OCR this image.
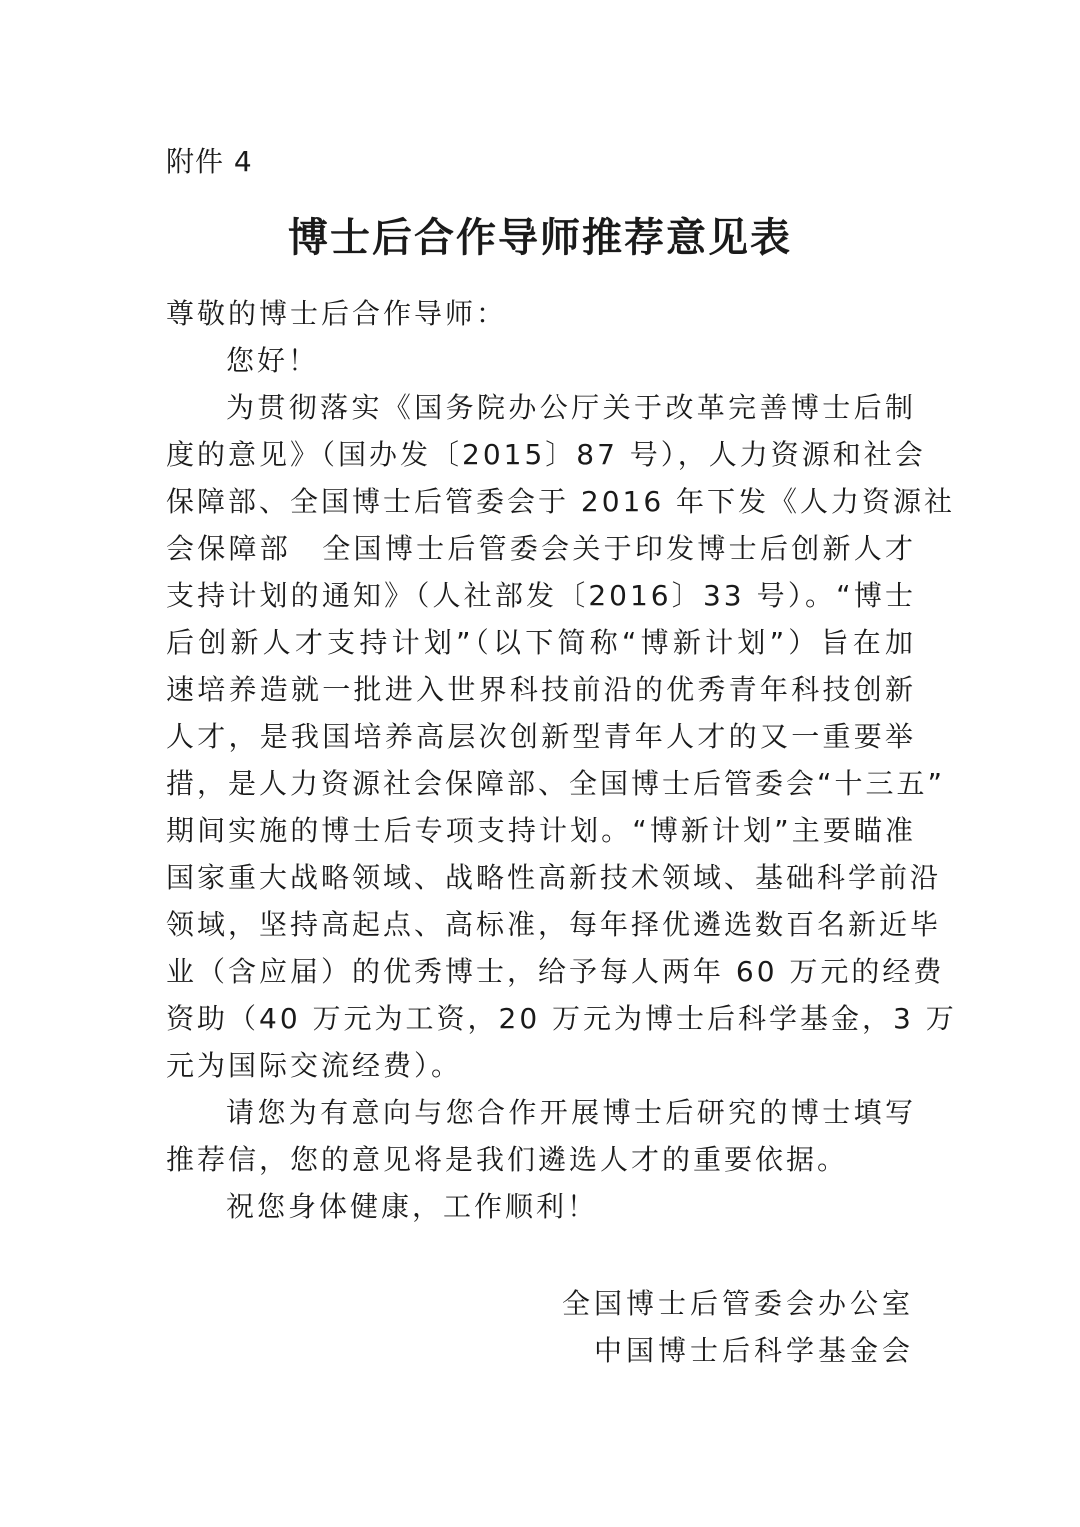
附件 4
博士后合作导师推荐意见表
尊敬的博士后合作导师：
您好！
为贯彻落实《国务院办公厅关于改革完善博士后制
度的意见》（国办发〔2015〕87 号），人力资源和社会
保障部、全国博士后管委会于 2016 年下发《人力资源社
会保障部　全国博士后管委会关于印发博士后创新人才
支持计划的通知》（人社部发〔2016〕33 号）。“博士
后创新人才支持计划”（以下简称“博新计划”）旨在加
速培养造就一批进入世界科技前沿的优秀青年科技创新
人才，是我国培养高层次创新型青年人才的又一重要举
措，是人力资源社会保障部、全国博士后管委会“十三五”
期间实施的博士后专项支持计划。“博新计划”主要瞄准
国家重大战略领域、战略性高新技术领域、基础科学前沿
领域，坚持高起点、高标准，每年择优遴选数百名新近毕
业（含应届）的优秀博士，给予每人两年 60 万元的经费
资助（40 万元为工资，20 万元为博士后科学基金，3 万
元为国际交流经费）。
请您为有意向与您合作开展博士后研究的博士填写
推荐信，您的意见将是我们遴选人才的重要依据。
祝您身体健康，工作顺利！
全国博士后管委会办公室
中国博士后科学基金会
